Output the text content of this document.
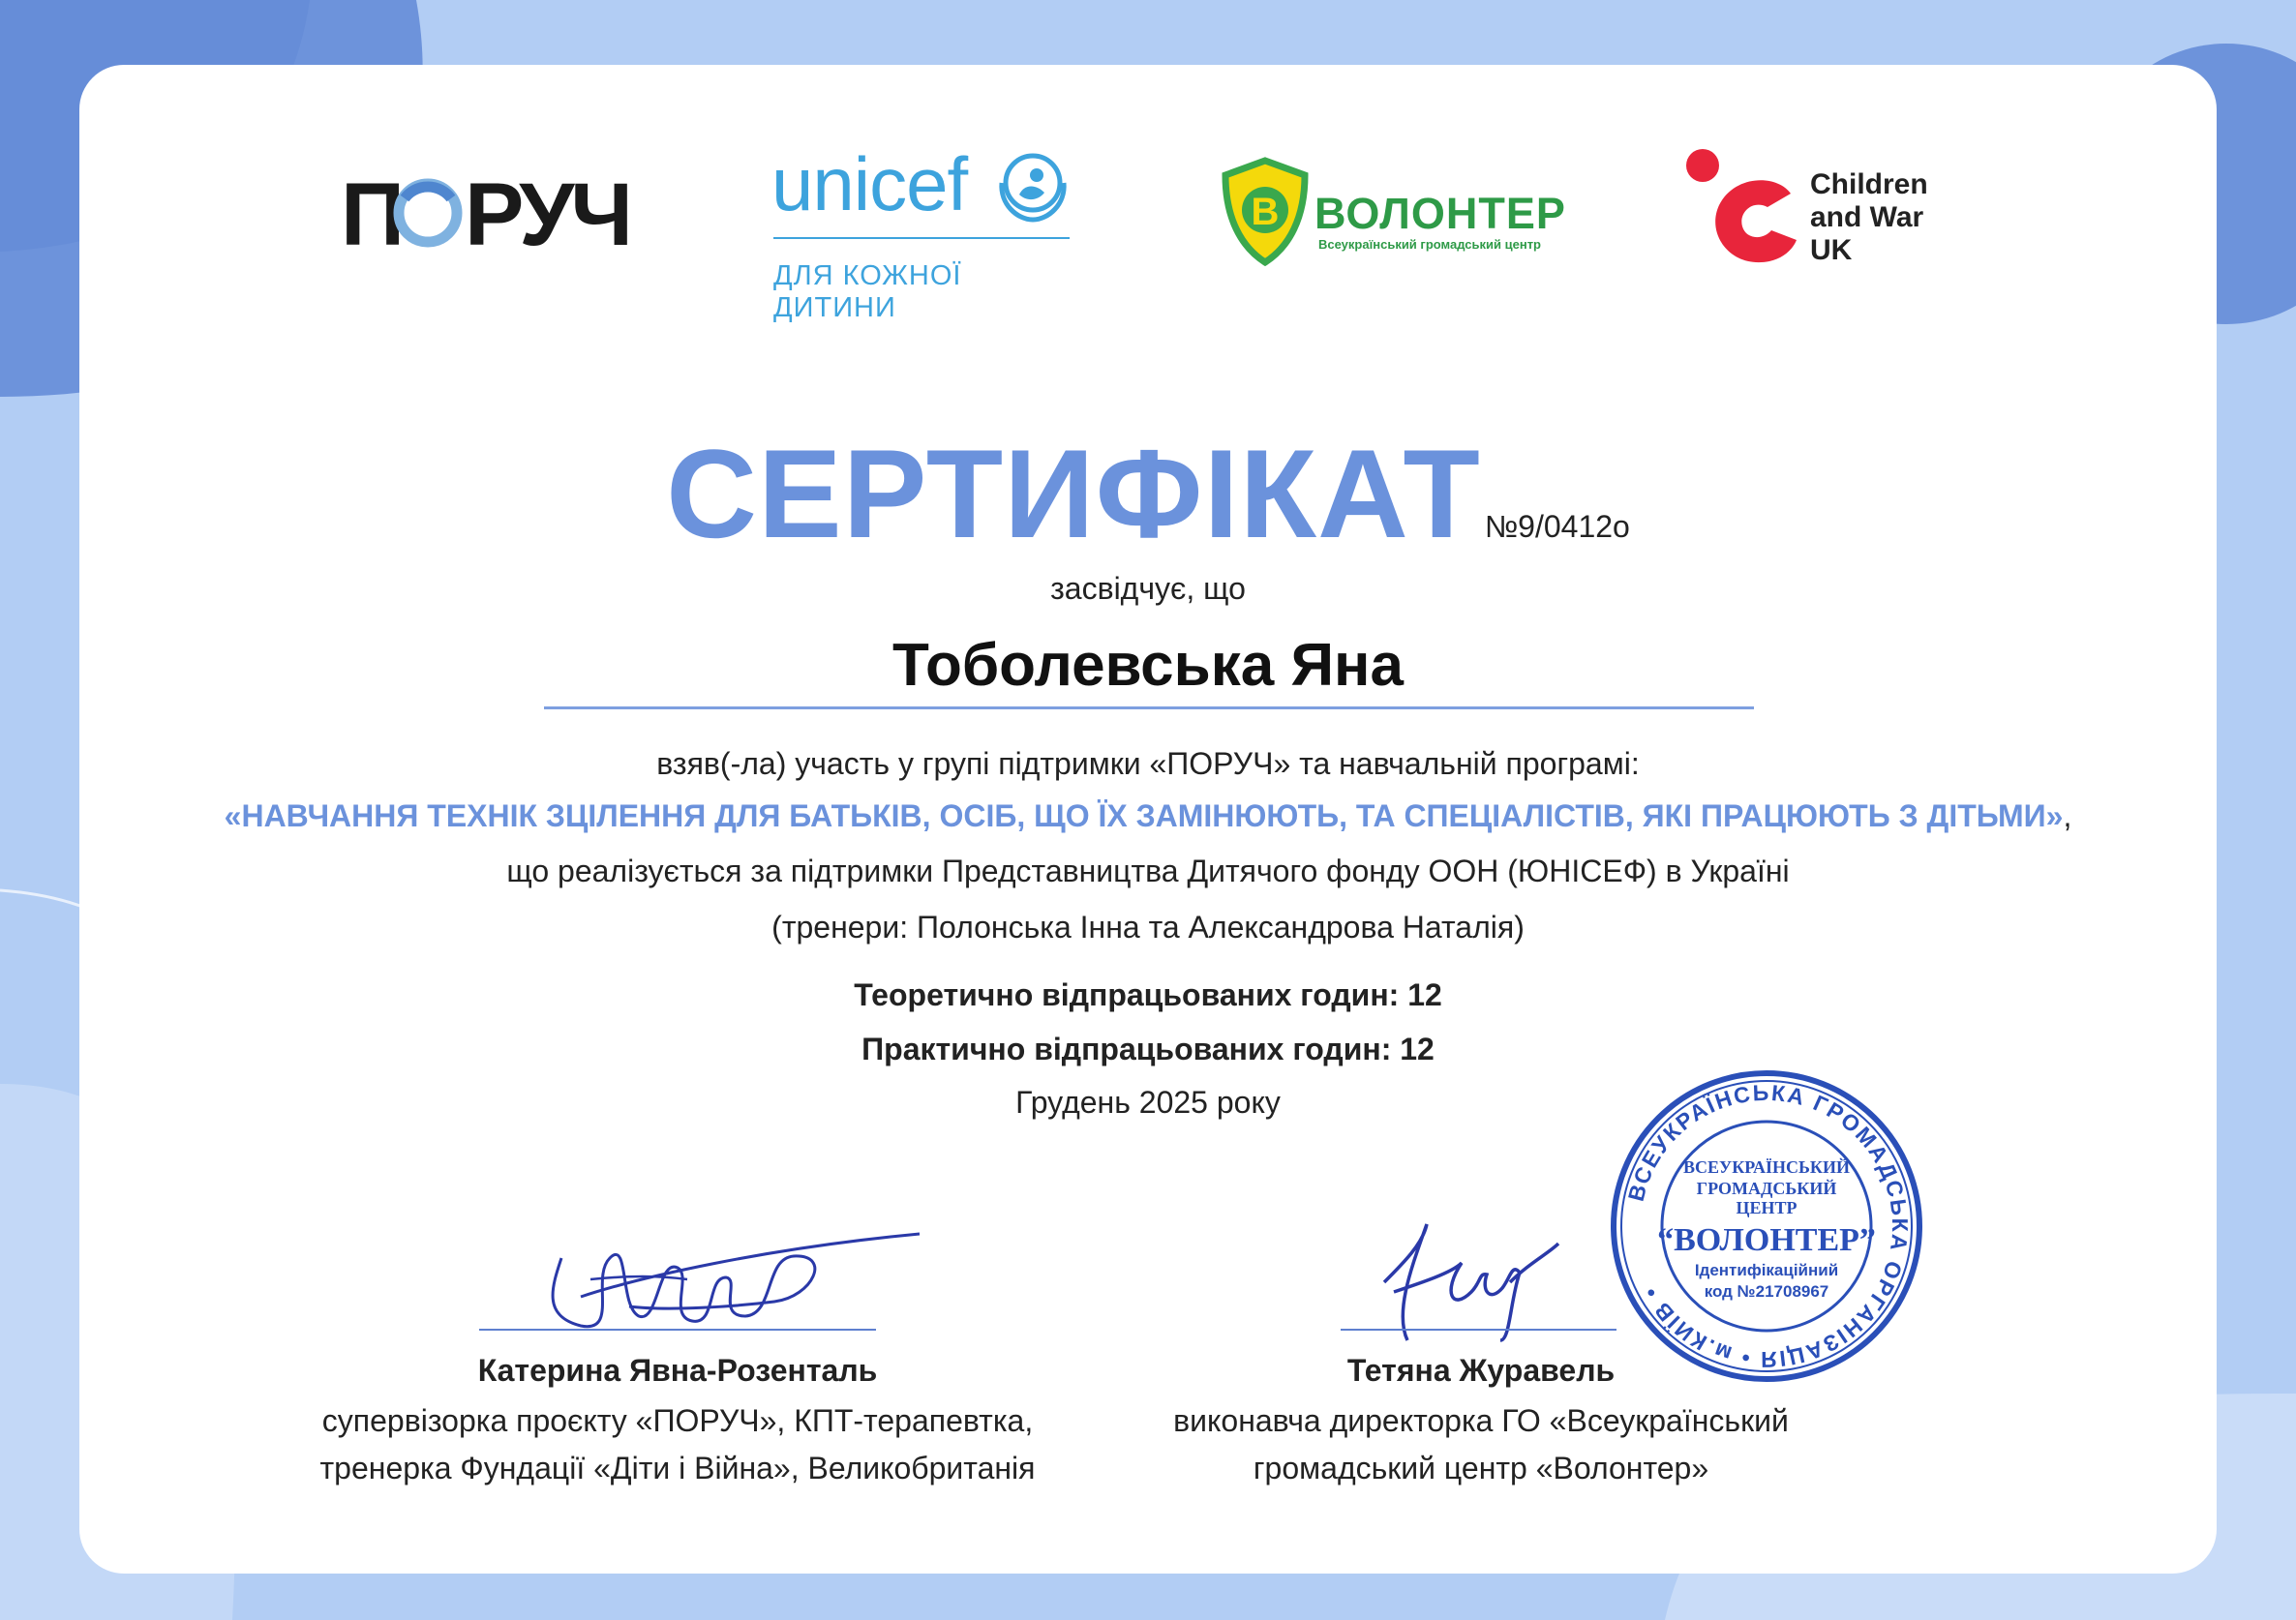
П РУЧ unicef
ДЛЯ КОЖНОЇ ДИТИНИ
В ВОЛОНТЕР
Всеукраїнський громадський центр
Children
and War
UK
СЕРТИФІКАТ №9/0412о
засвідчує, що
Тоболевська Яна
взяв(-ла) участь у групі підтримки «ПОРУЧ» та навчальній програмі:
«НАВЧАННЯ ТЕХНІК ЗЦІЛЕННЯ ДЛЯ БАТЬКІВ, ОСІБ, ЩО ЇХ ЗАМІНЮЮТЬ, ТА СПЕЦІАЛІСТІВ, ЯКІ ПРАЦЮЮТЬ З ДІТЬМИ»,
що реалізується за підтримки Представництва Дитячого фонду ООН (ЮНІСЕФ) в Україні
(тренери: Полонська Інна та Александрова Наталія)
Теоретично відпрацьованих годин: 12
Практично відпрацьованих годин: 12
Грудень 2025 року
Катерина Явна-Розенталь
супервізорка проєкту «ПОРУЧ», КПТ-терапевтка,
тренерка Фундації «Діти і Війна», Великобританія
Тетяна Журавель
виконавча директорка ГО «Всеукраїнський
громадський центр «Волонтер»
ВСЕУКРАЇНСЬКА ГРОМАДСЬКА ОРГАНІЗАЦІЯ • м.КИЇВ •
ВСЕУКРАЇНСЬКИЙ
ГРОМАДСЬКИЙ
ЦЕНТР
“ВОЛОНТЕР”
Ідентифікаційний
код №21708967
